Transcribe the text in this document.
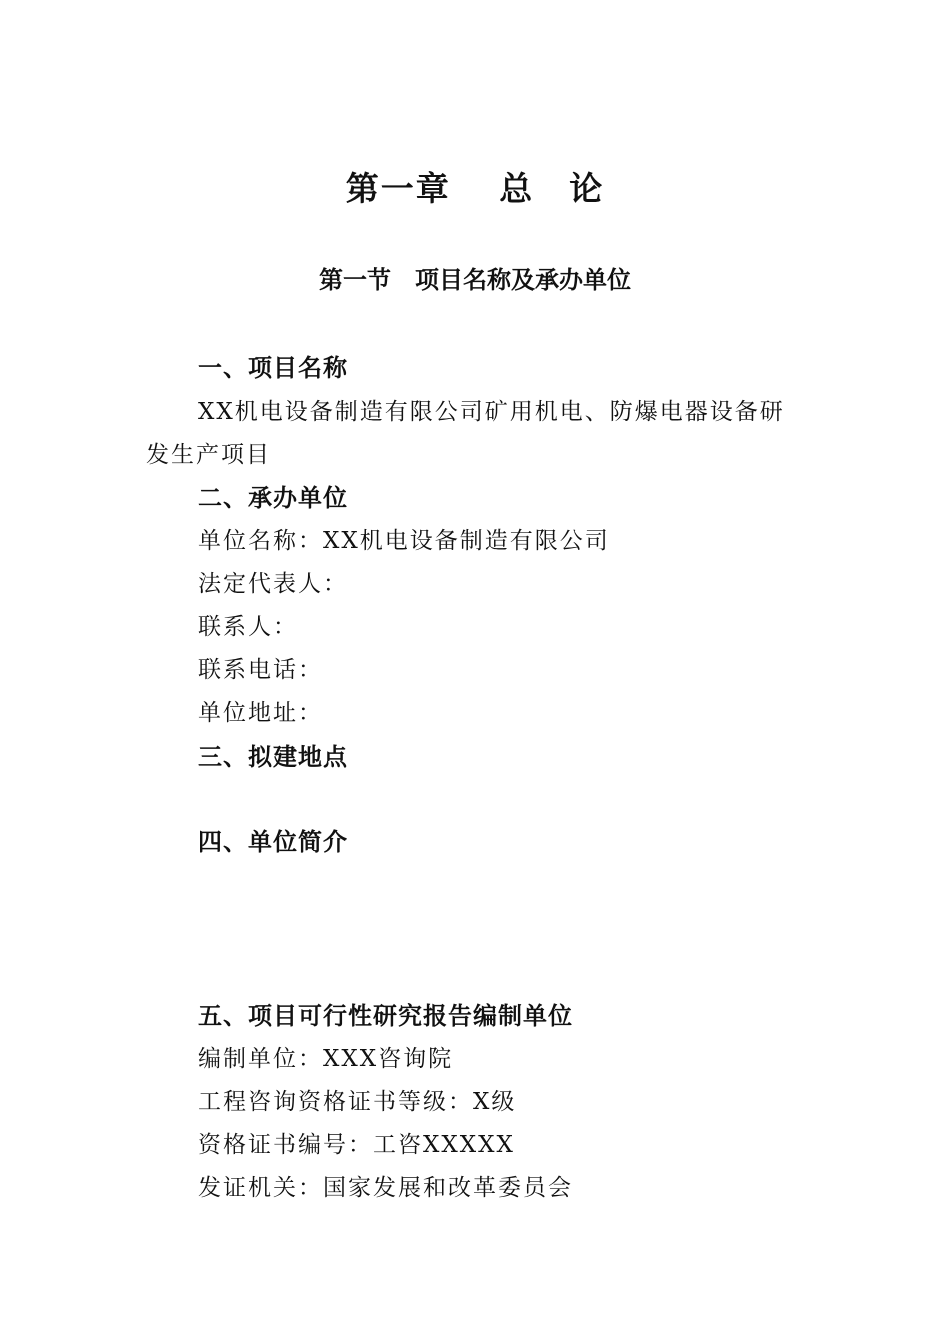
第一章　 总　论
第一节　项目名称及承办单位
一、项目名称
XX机电设备制造有限公司矿用机电、防爆电器设备研
发生产项目
二、承办单位
单位名称：XX机电设备制造有限公司
法定代表人：
联系人：
联系电话：
单位地址：
三、拟建地点
四、单位简介
五、项目可行性研究报告编制单位
编制单位：XXX咨询院
工程咨询资格证书等级：X级
资格证书编号：工咨XXXXX
发证机关：国家发展和改革委员会
